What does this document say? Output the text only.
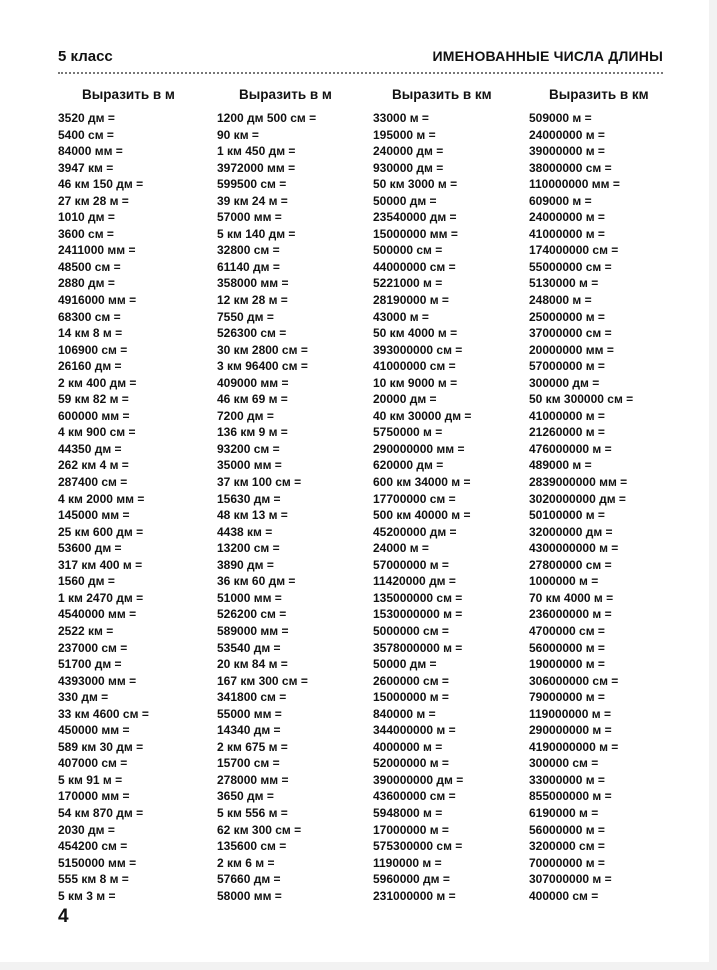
5 класс	ИМЕНОВАННЫЕ ЧИСЛА ДЛИНЫ
Выразить в м
3520 дм =
5400 см =
84000 мм =
3947 км =
46 км 150 дм =
27 км 28 м =
1010 дм =
3600 см =
2411000 мм =
48500 см =
2880 дм =
4916000 мм =
68300 см =
14 км 8 м =
106900 см =
26160 дм =
2 км 400 дм =
59 км 82 м =
600000 мм =
4 км 900 см =
44350 дм =
262 км 4 м =
287400 см =
4 км 2000 мм =
145000 мм =
25 км 600 дм =
53600 дм =
317 км 400 м =
1560 дм =
1 км 2470 дм =
4540000 мм =
2522 км =
237000 см =
51700 дм =
4393000 мм =
330 дм =
33 км 4600 см =
450000 мм =
589 км 30 дм =
407000 см =
5 км 91 м =
170000 мм =
54 км 870 дм =
2030 дм =
454200 см =
5150000 мм =
555 км 8 м =
5 км 3 м =
Выразить в м
1200 дм 500 см =
90 км =
1 км 450 дм =
3972000 мм =
599500 см =
39 км 24 м =
57000 мм =
5 км 140 дм =
32800 см =
61140 дм =
358000 мм =
12 км 28 м =
7550 дм =
526300 см =
30 км 2800 см =
3 км 96400 см =
409000 мм =
46 км 69 м =
7200 дм =
136 км 9 м =
93200 см =
35000 мм =
37 км 100 см =
15630 дм =
48 км 13 м =
4438 км =
13200 см =
3890 дм =
36 км 60 дм =
51000 мм =
526200 см =
589000 мм =
53540 дм =
20 км 84 м =
167 км 300 см =
341800 см =
55000 мм =
14340 дм =
2 км 675 м =
15700 см =
278000 мм =
3650 дм =
5 км 556 м =
62 км 300 см =
135600 см =
2 км 6 м =
57660 дм =
58000 мм =
Выразить в км
33000 м =
195000 м =
240000 дм =
930000 дм =
50 км 3000 м =
50000 дм =
23540000 дм =
15000000 мм =
500000 см =
44000000 см =
5221000 м =
28190000 м =
43000 м =
50 км 4000 м =
393000000 см =
41000000 см =
10 км 9000 м =
20000 дм =
40 км 30000 дм =
5750000 м =
290000000 мм =
620000 дм =
600 км 34000 м =
17700000 см =
500 км 40000 м =
45200000 дм =
24000 м =
57000000 м =
11420000 дм =
135000000 см =
1530000000 м =
5000000 см =
3578000000 м =
50000 дм =
2600000 см =
15000000 м =
840000 м =
344000000 м =
4000000 м =
52000000 м =
390000000 дм =
43600000 см =
5948000 м =
17000000 м =
575300000 см =
1190000 м =
5960000 дм =
231000000 м =
Выразить в км
509000 м =
24000000 м =
39000000 м =
38000000 см =
110000000 мм =
609000 м =
24000000 м =
41000000 м =
174000000 см =
55000000 см =
5130000 м =
248000 м =
25000000 м =
37000000 см =
20000000 мм =
57000000 м =
300000 дм =
50 км 300000 см =
41000000 м =
21260000 м =
476000000 м =
489000 м =
2839000000 мм =
3020000000 дм =
50100000 м =
32000000 дм =
4300000000 м =
27800000 см =
1000000 м =
70 км 4000 м =
236000000 м =
4700000 см =
56000000 м =
19000000 м =
306000000 см =
79000000 м =
119000000 м =
290000000 м =
4190000000 м =
300000 см =
33000000 м =
855000000 м =
6190000 м =
56000000 м =
3200000 см =
70000000 м =
307000000 м =
400000 см =
4
